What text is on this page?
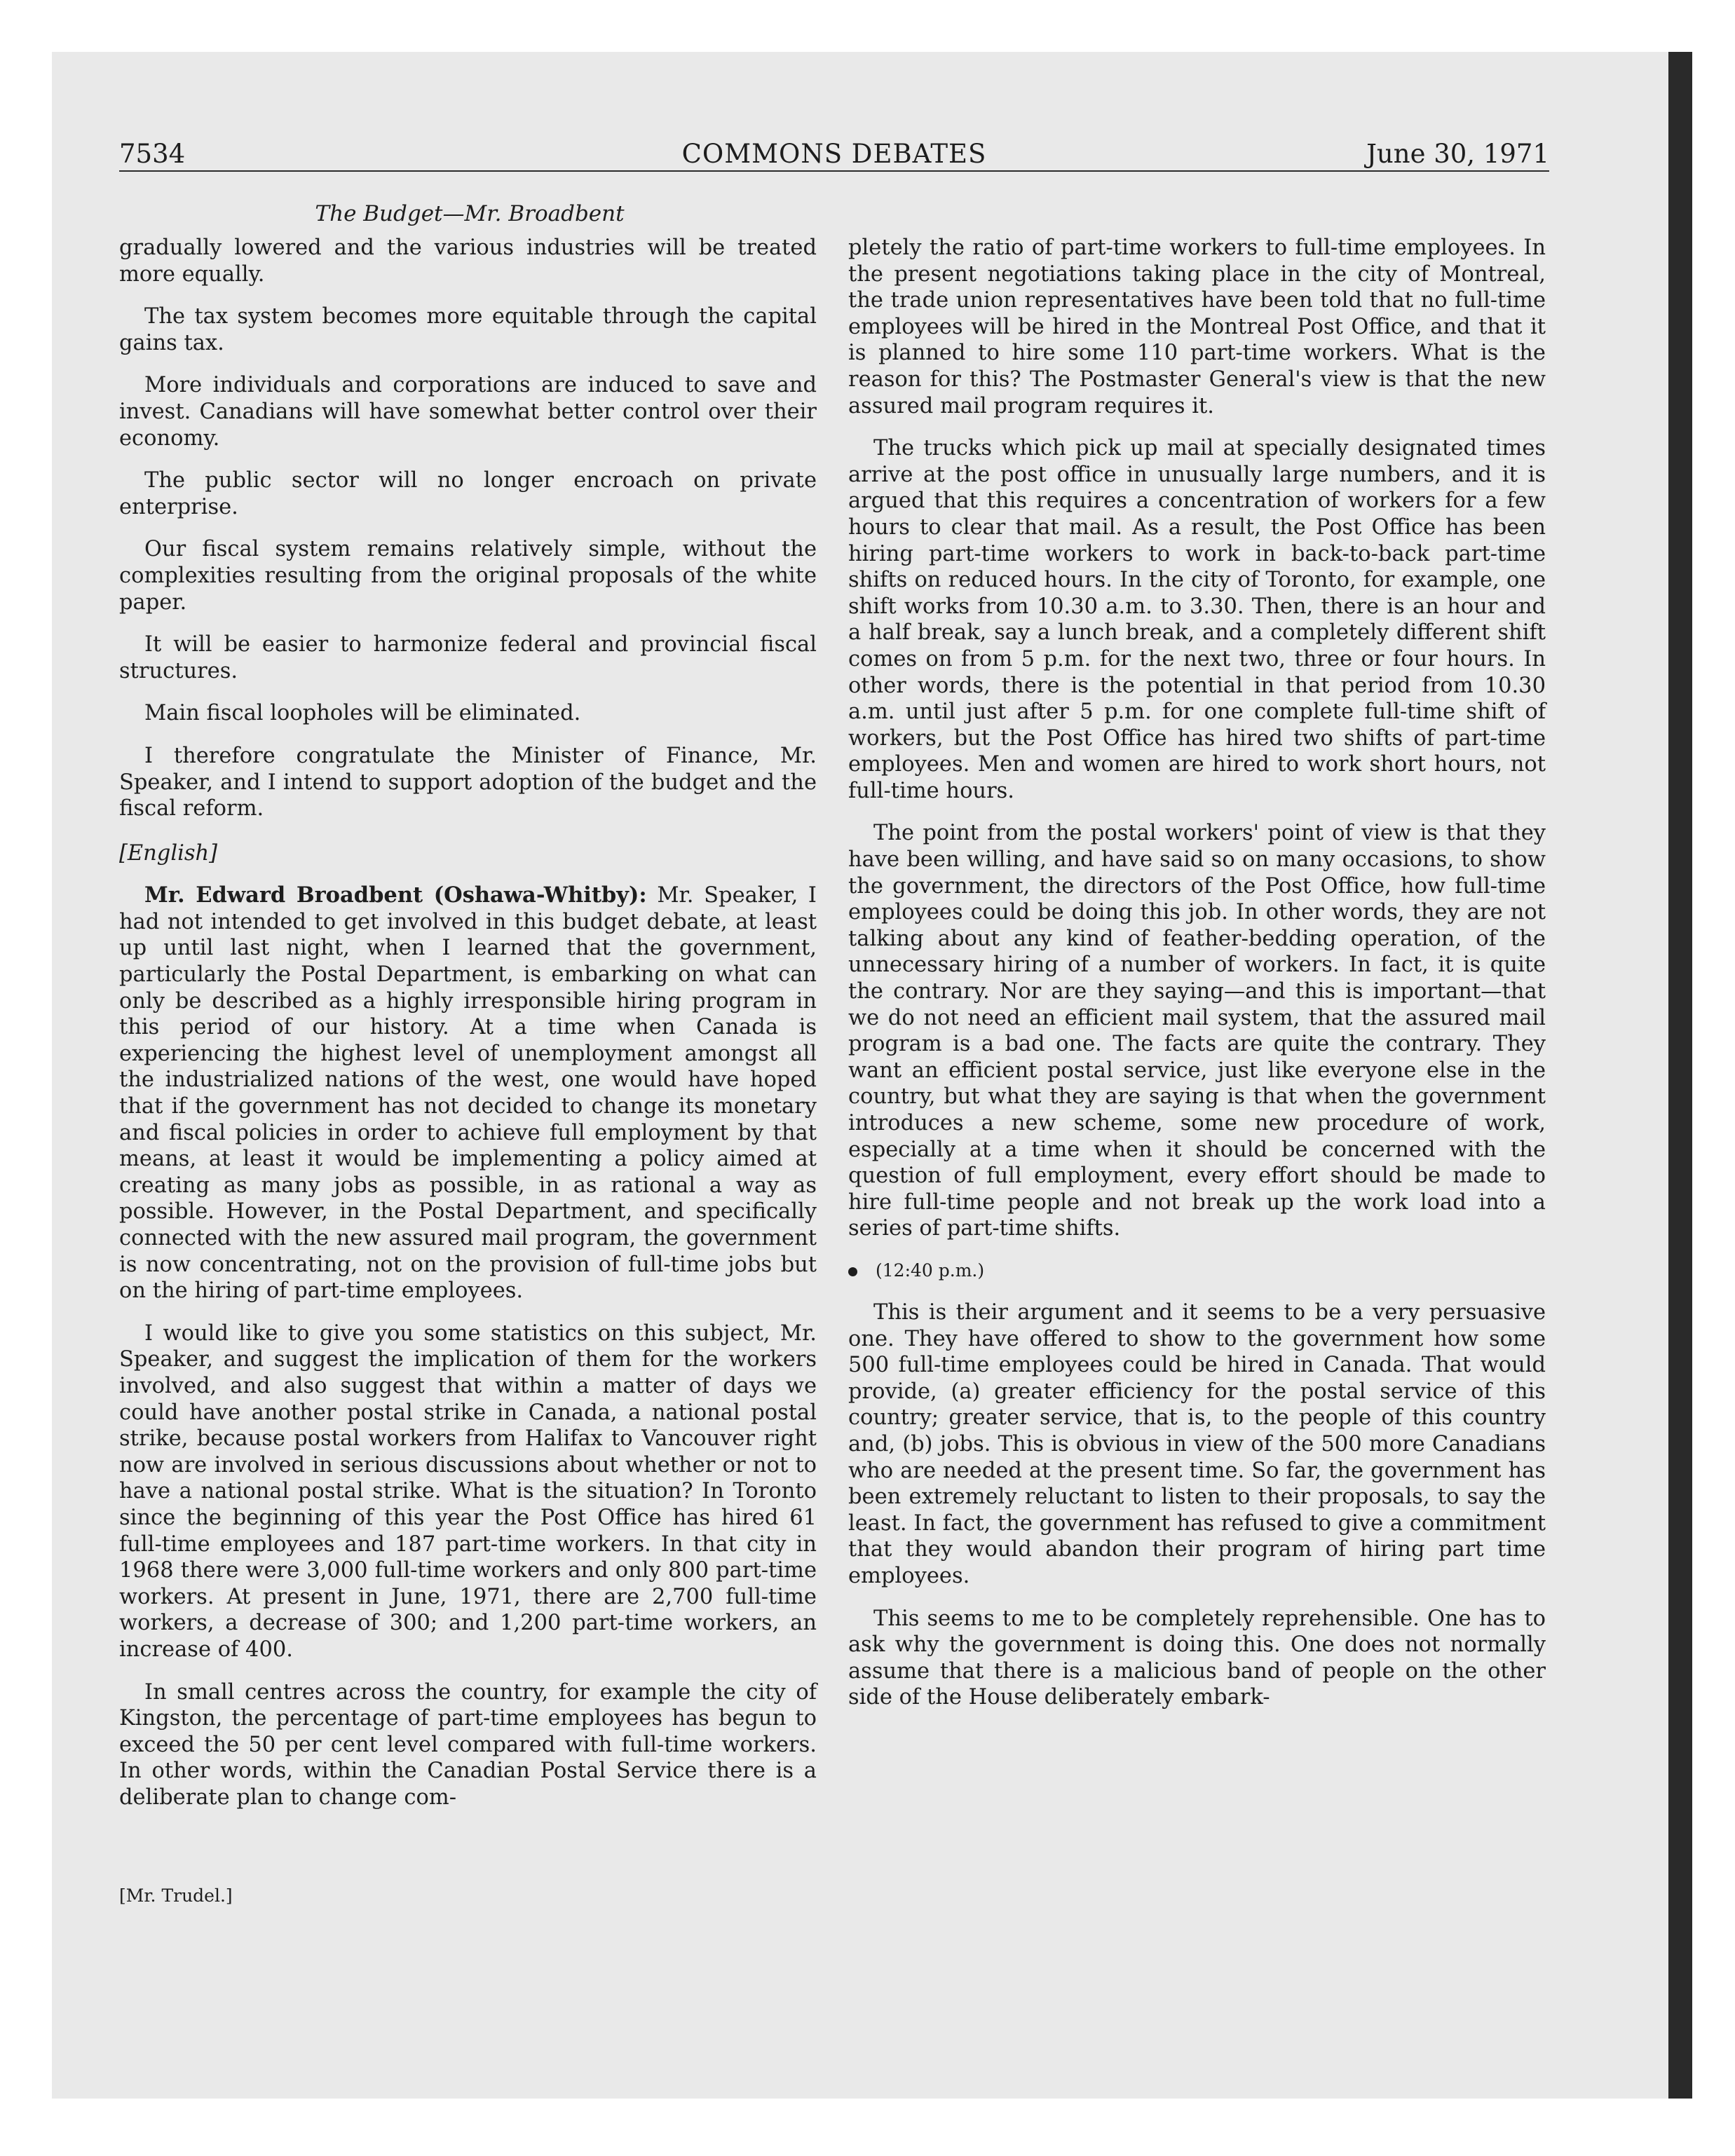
COMMONS DEBATES
7534	June 30, 1971
The Budget—Mr. Broadbent

gradually lowered and the various industries will be treated more equally.

The tax system becomes more equitable through the capital gains tax.

More individuals and corporations are induced to save and invest. Canadians will have somewhat better control over their economy.

The public sector will no longer encroach on private enterprise.

Our fiscal system remains relatively simple, without the complexities resulting from the original proposals of the white paper.

It will be easier to harmonize federal and provincial fiscal structures.

Main fiscal loopholes will be eliminated.

I therefore congratulate the Minister of Finance, Mr. Speaker, and I intend to support adoption of the budget and the fiscal reform.

[English]

Mr. Edward Broadbent (Oshawa-Whitby): Mr. Speaker, I had not intended to get involved in this budget debate, at least up until last night, when I learned that the government, particularly the Postal Department, is embarking on what can only be described as a highly irresponsible hiring program in this period of our history. At a time when Canada is experiencing the highest level of unemployment amongst all the industrialized nations of the west, one would have hoped that if the government has not decided to change its monetary and fiscal policies in order to achieve full employment by that means, at least it would be implementing a policy aimed at creating as many jobs as possible, in as rational a way as possible. However, in the Postal Department, and specifically connected with the new assured mail program, the government is now concentrating, not on the provision of full-time jobs but on the hiring of part-time employees.

I would like to give you some statistics on this subject, Mr. Speaker, and suggest the implication of them for the workers involved, and also suggest that within a matter of days we could have another postal strike in Canada, a national postal strike, because postal workers from Halifax to Vancouver right now are involved in serious discussions about whether or not to have a national postal strike. What is the situation? In Toronto since the beginning of this year the Post Office has hired 61 full-time employees and 187 part-time workers. In that city in 1968 there were 3,000 full-time workers and only 800 part-time workers. At present in June, 1971, there are 2,700 full-time workers, a decrease of 300; and 1,200 part-time workers, an increase of 400.

In small centres across the country, for example the city of Kingston, the percentage of part-time employees has begun to exceed the 50 per cent level compared with full-time workers. In other words, within the Canadian Postal Service there is a deliberate plan to change com-

[Mr. Trudel.]

pletely the ratio of part-time workers to full-time employees. In the present negotiations taking place in the city of Montreal, the trade union representatives have been told that no full-time employees will be hired in the Montreal Post Office, and that it is planned to hire some 110 part-time workers. What is the reason for this? The Postmaster General's view is that the new assured mail program requires it.

The trucks which pick up mail at specially designated times arrive at the post office in unusually large numbers, and it is argued that this requires a concentration of workers for a few hours to clear that mail. As a result, the Post Office has been hiring part-time workers to work in back-to-back part-time shifts on reduced hours. In the city of Toronto, for example, one shift works from 10.30 a.m. to 3.30. Then, there is an hour and a half break, say a lunch break, and a completely different shift comes on from 5 p.m. for the next two, three or four hours. In other words, there is the potential in that period from 10.30 a.m. until just after 5 p.m. for one complete full-time shift of workers, but the Post Office has hired two shifts of part-time employees. Men and women are hired to work short hours, not full-time hours.

The point from the postal workers' point of view is that they have been willing, and have said so on many occasions, to show the government, the directors of the Post Office, how full-time employees could be doing this job. In other words, they are not talking about any kind of feather-bedding operation, of the unnecessary hiring of a number of workers. In fact, it is quite the contrary. Nor are they saying—and this is important—that we do not need an efficient mail system, that the assured mail program is a bad one. The facts are quite the contrary. They want an efficient postal service, just like everyone else in the country, but what they are saying is that when the government introduces a new scheme, some new procedure of work, especially at a time when it should be concerned with the question of full employment, every effort should be made to hire full-time people and not break up the work load into a series of part-time shifts.

(12:40 p.m.)

This is their argument and it seems to be a very persuasive one. They have offered to show to the government how some 500 full-time employees could be hired in Canada. That would provide, (a) greater efficiency for the postal service of this country; greater service, that is, to the people of this country and, (b) jobs. This is obvious in view of the 500 more Canadians who are needed at the present time. So far, the government has been extremely reluctant to listen to their proposals, to say the least. In fact, the government has refused to give a commitment that they would abandon their program of hiring part time employees.

This seems to me to be completely reprehensible. One has to ask why the government is doing this. One does not normally assume that there is a malicious band of people on the other side of the House deliberately embark-
